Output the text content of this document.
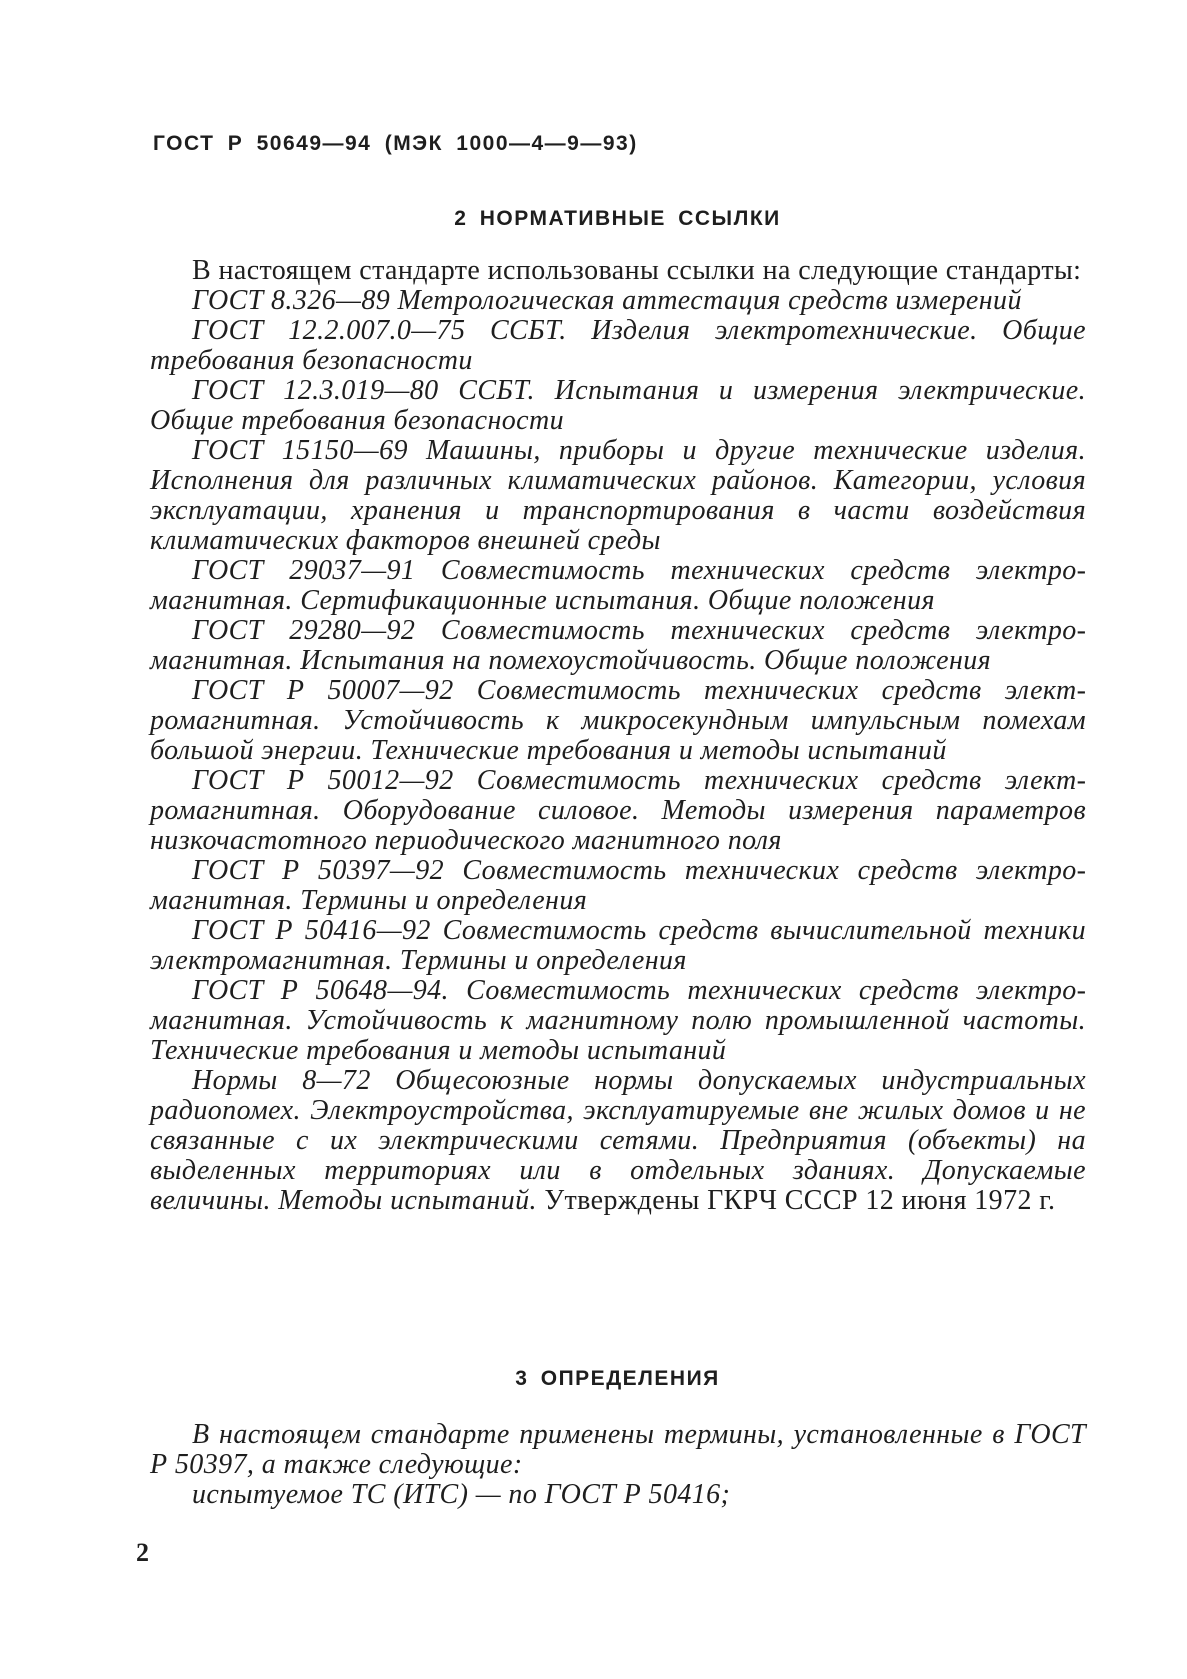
ГОСТ Р 50649—94 (МЭК 1000—4—9—93)
2 НОРМАТИВНЫЕ ССЫЛКИ

В настоящем стандарте использованы ссылки на следующие стандарты:

ГОСТ 8.326—89 Метрологическая аттестация средств измерений

ГОСТ 12.2.007.0—75 ССБТ. Изделия электротехнические. Общие требования безопасности

ГОСТ 12.3.019—80 ССБТ. Испытания и измерения электрические. Общие требования безопасности

ГОСТ 15150—69 Машины, приборы и другие технические изделия. Исполнения для различных климатических районов. Категории, условия эксплуатации, хранения и транспортирования в части воздействия климатических факторов внешней среды

ГОСТ 29037—91 Совместимость технических средств электромагнитная. Сертификационные испытания. Общие положения

ГОСТ 29280—92 Совместимость технических средств электромагнитная. Испытания на помехоустойчивость. Общие положения

ГОСТ Р 50007—92 Совместимость технических средств электромагнитная. Устойчивость к микросекундным импульсным помехам большой энергии. Технические требования и методы испытаний

ГОСТ Р 50012—92 Совместимость технических средств электромагнитная. Оборудование силовое. Методы измерения параметров низкочастотного периодического магнитного поля

ГОСТ Р 50397—92 Совместимость технических средств электромагнитная. Термины и определения

ГОСТ Р 50416—92 Совместимость средств вычислительной техники электромагнитная. Термины и определения

ГОСТ Р 50648—94. Совместимость технических средств электромагнитная. Устойчивость к магнитному полю промышленной частоты. Технические требования и методы испытаний

Нормы 8—72 Общесоюзные нормы допускаемых индустриальных радиопомех. Электроустройства, эксплуатируемые вне жилых домов и не связанные с их электрическими сетями. Предприятия (объекты) на выделенных территориях или в отдельных зданиях. Допускаемые величины. Методы испытаний. Утверждены ГКРЧ СССР 12 июня 1972 г.

3 ОПРЕДЕЛЕНИЯ

В настоящем стандарте применены термины, установленные в ГОСТ Р 50397, а также следующие:

испытуемое ТС (ИТС) — по ГОСТ Р 50416;

2
